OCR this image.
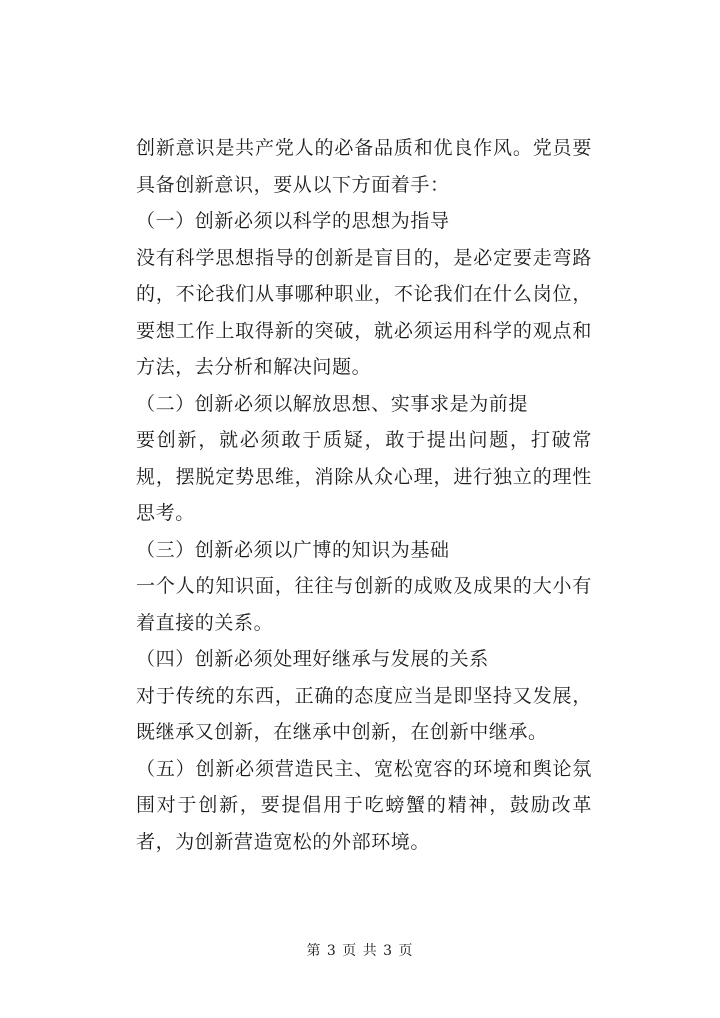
创新意识是共产党人的必备品质和优良作风。党员要具备创新意识，要从以下方面着手：

（一）创新必须以科学的思想为指导

没有科学思想指导的创新是盲目的，是必定要走弯路的，不论我们从事哪种职业，不论我们在什么岗位，要想工作上取得新的突破，就必须运用科学的观点和方法，去分析和解决问题。

（二）创新必须以解放思想、实事求是为前提

要创新，就必须敢于质疑，敢于提出问题，打破常规，摆脱定势思维，消除从众心理，进行独立的理性思考。

（三）创新必须以广博的知识为基础

一个人的知识面，往往与创新的成败及成果的大小有着直接的关系。

（四）创新必须处理好继承与发展的关系

对于传统的东西，正确的态度应当是即坚持又发展，既继承又创新，在继承中创新，在创新中继承。

（五）创新必须营造民主、宽松宽容的环境和舆论氛围对于创新，要提倡用于吃螃蟹的精神，鼓励改革者，为创新营造宽松的外部环境。

第 3 页 共 3 页
